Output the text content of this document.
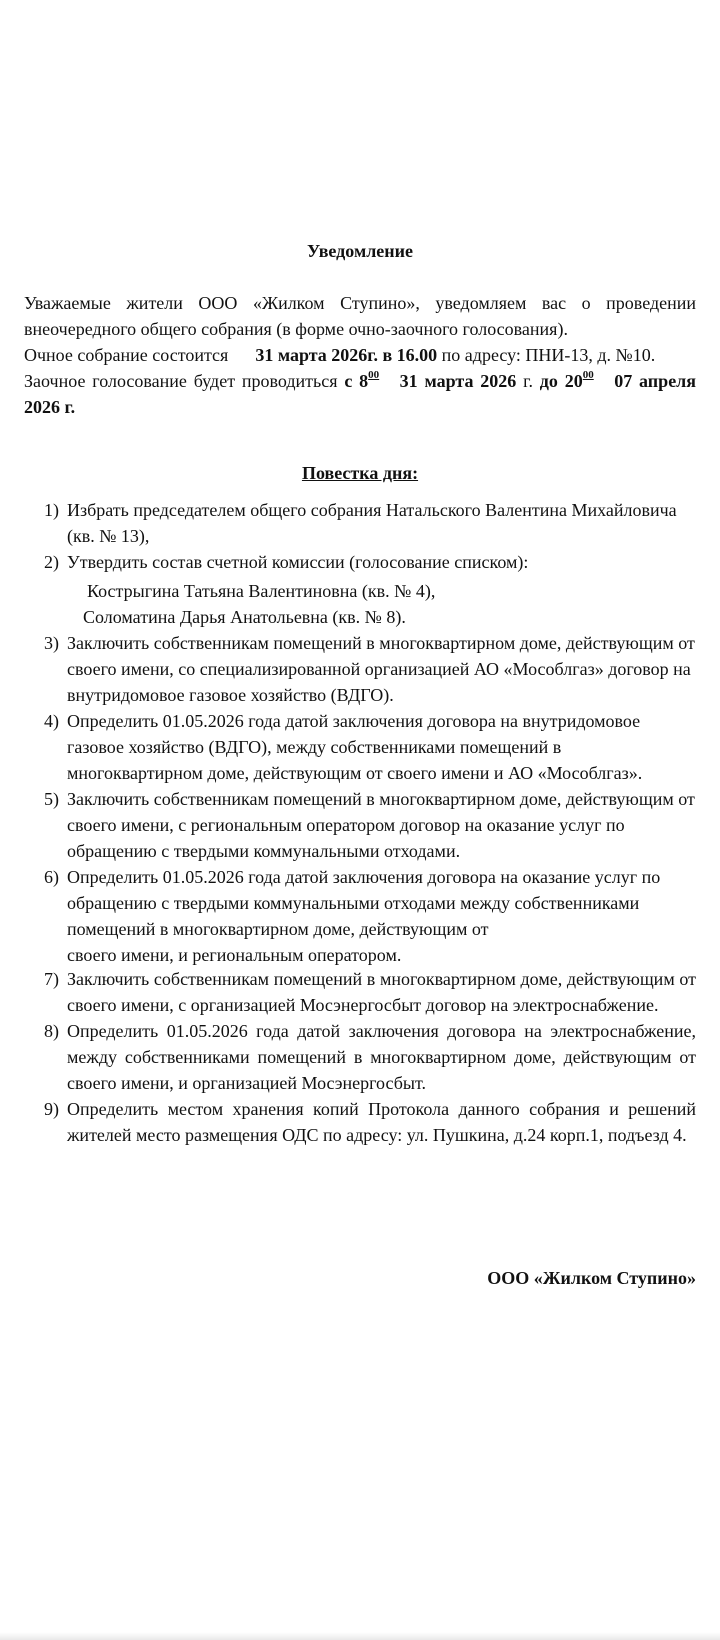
Уведомление

Уважаемые жители ООО «Жилком Ступино», уведомляем вас о проведении внеочередного общего собрания (в форме очно-заочного голосования).

Очное собрание состоится 31 марта 2026г. в 16.00 по адресу: ПНИ-13, д. №10.

Заочное голосование будет проводиться с $8^{00}$ 31 марта 2026 г. до $20^{00}$ 07 апреля 2026 г.

Повестка дня:
1) Избрать председателем общего собрания Натальского Валентина Михайловича (кв. № 13),
2) Утвердить состав счетной комиссии (голосование списком):
Кострыгина Татьяна Валентиновна (кв. № 4),
Соломатина Дарья Анатольевна (кв. № 8).
3) Заключить собственникам помещений в многоквартирном доме, действующим от своего имени, со специализированной организацией АО «Мособлгаз» договор на внутридомовое газовое хозяйство (ВДГО).
4) Определить 01.05.2026 года датой заключения договора на внутридомовое газовое хозяйство (ВДГО), между собственниками помещений в многоквартирном доме, действующим от своего имени и АО «Мособлгаз».
5) Заключить собственникам помещений в многоквартирном доме, действующим от своего имени, с региональным оператором договор на оказание услуг по обращению с твердыми коммунальными отходами.
6) Определить 01.05.2026 года датой заключения договора на оказание услуг по обращению с твердыми коммунальными отходами между собственниками помещений в многоквартирном доме, действующим от
своего имени, и региональным оператором.
7) Заключить собственникам помещений в многоквартирном доме, действующим от своего имени, с организацией Мосэнергосбыт договор на электроснабжение.
8) Определить 01.05.2026 года датой заключения договора на электроснабжение, между собственниками помещений в многоквартирном доме, действующим от своего имени, и организацией Мосэнергосбыт.
9) Определить местом хранения копий Протокола данного собрания и решений жителей место размещения ОДС по адресу: ул. Пушкина, д.24 корп.1, подъезд 4.
ООО «Жилком Ступино»
